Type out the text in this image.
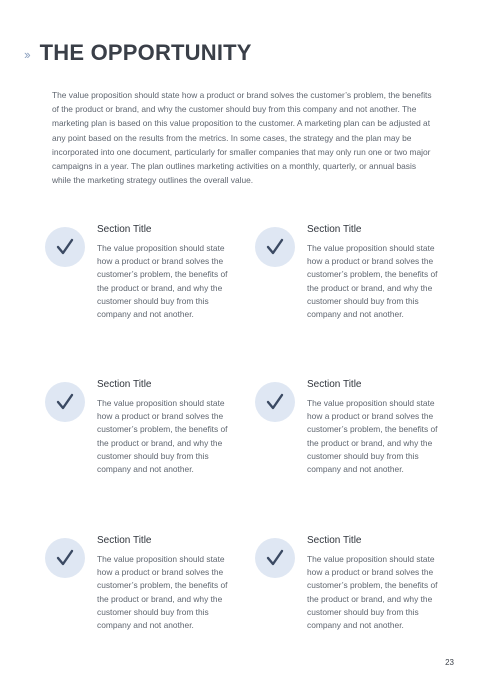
›› THE OPPORTUNITY
The value proposition should state how a product or brand solves the customer’s problem, the benefits of the product or brand, and why the customer should buy from this company and not another. The marketing plan is based on this value proposition to the customer. A marketing plan can be adjusted at any point based on the results from the metrics. In some cases, the strategy and the plan may be incorporated into one document, particularly for smaller companies that may only run one or two major campaigns in a year. The plan outlines marketing activities on a monthly, quarterly, or annual basis while the marketing strategy outlines the overall value.
Section Title
The value proposition should state how a product or brand solves the customer’s problem, the benefits of the product or brand, and why the customer should buy from this company and not another.
Section Title
The value proposition should state how a product or brand solves the customer’s problem, the benefits of the product or brand, and why the customer should buy from this company and not another.
Section Title
The value proposition should state how a product or brand solves the customer’s problem, the benefits of the product or brand, and why the customer should buy from this company and not another.
Section Title
The value proposition should state how a product or brand solves the customer’s problem, the benefits of the product or brand, and why the customer should buy from this company and not another.
Section Title
The value proposition should state how a product or brand solves the customer’s problem, the benefits of the product or brand, and why the customer should buy from this company and not another.
Section Title
The value proposition should state how a product or brand solves the customer’s problem, the benefits of the product or brand, and why the customer should buy from this company and not another.
23
